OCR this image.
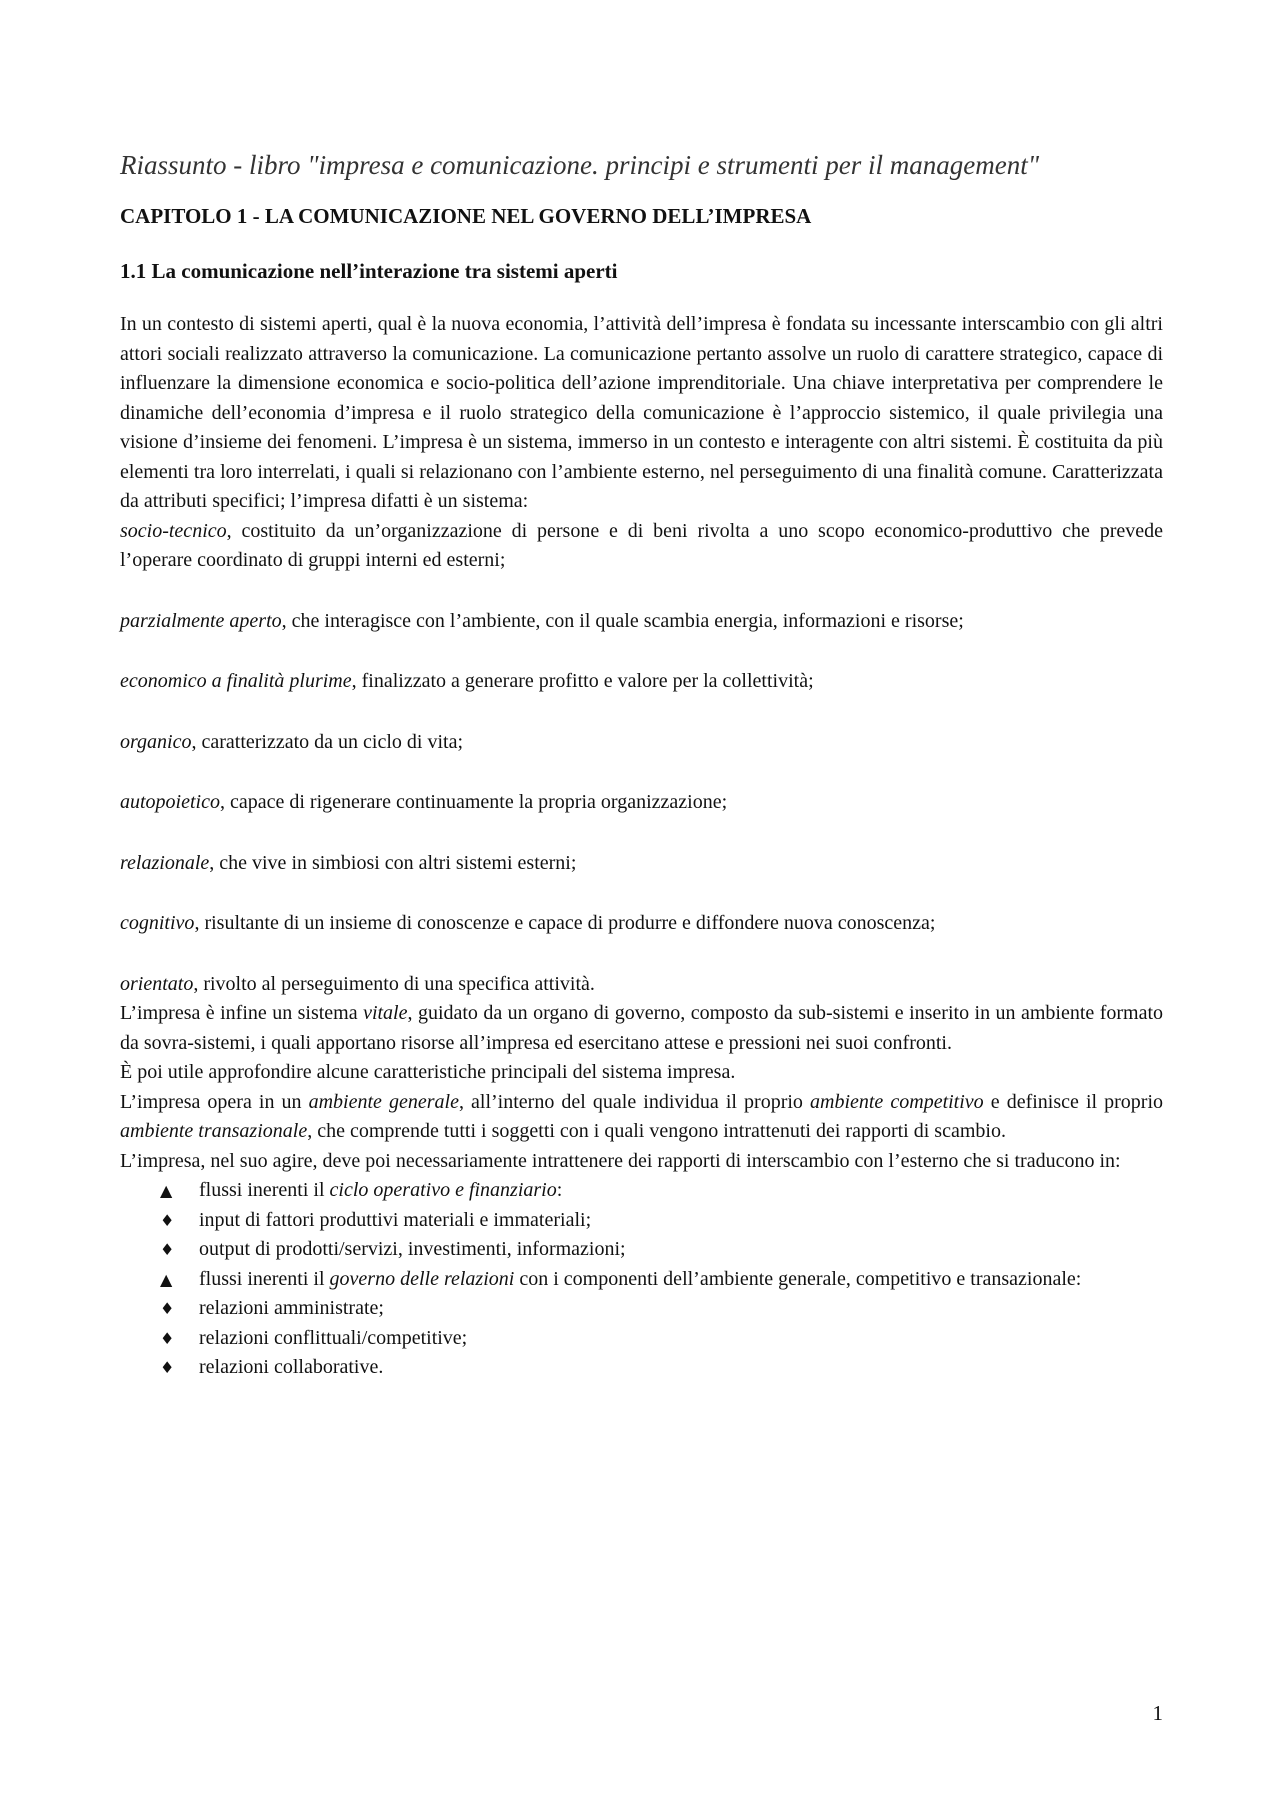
Riassunto - libro "impresa e comunicazione. principi e strumenti per il management"
CAPITOLO 1 - LA COMUNICAZIONE NEL GOVERNO DELL’IMPRESA
1.1 La comunicazione nell’interazione tra sistemi aperti

In un contesto di sistemi aperti, qual è la nuova economia, l’attività dell’impresa è fondata su incessante interscambio con gli altri attori sociali realizzato attraverso la comunicazione. La comunicazione pertanto assolve un ruolo di carattere strategico, capace di influenzare la dimensione economica e socio-politica dell’azione imprenditoriale. Una chiave interpretativa per comprendere le dinamiche dell’economia d’impresa e il ruolo strategico della comunicazione è l’approccio sistemico, il quale privilegia una visione d’insieme dei fenomeni. L’impresa è un sistema, immerso in un contesto e interagente con altri sistemi. È costituita da più elementi tra loro interrelati, i quali si relazionano con l’ambiente esterno, nel perseguimento di una finalità comune. Caratterizzata da attributi specifici; l’impresa difatti è un sistema:

socio-tecnico, costituito da un’organizzazione di persone e di beni rivolta a uno scopo economico-produttivo che prevede l’operare coordinato di gruppi interni ed esterni;

parzialmente aperto, che interagisce con l’ambiente, con il quale scambia energia, informazioni e risorse;

economico a finalità plurime, finalizzato a generare profitto e valore per la collettività;

organico, caratterizzato da un ciclo di vita;

autopoietico, capace di rigenerare continuamente la propria organizzazione;

relazionale, che vive in simbiosi con altri sistemi esterni;

cognitivo, risultante di un insieme di conoscenze e capace di produrre e diffondere nuova conoscenza;

orientato, rivolto al perseguimento di una specifica attività.

L’impresa è infine un sistema vitale, guidato da un organo di governo, composto da sub-sistemi e inserito in un ambiente formato da sovra-sistemi, i quali apportano risorse all’impresa ed esercitano attese e pressioni nei suoi confronti.

È poi utile approfondire alcune caratteristiche principali del sistema impresa.

L’impresa opera in un ambiente generale, all’interno del quale individua il proprio ambiente competitivo e definisce il proprio ambiente transazionale, che comprende tutti i soggetti con i quali vengono intrattenuti dei rapporti di scambio.

L’impresa, nel suo agire, deve poi necessariamente intrattenere dei rapporti di interscambio con l’esterno che si traducono in:

▲	flussi inerenti il ciclo operativo e finanziario:
♦	input di fattori produttivi materiali e immateriali;
♦	output di prodotti/servizi, investimenti, informazioni;
▲	flussi inerenti il governo delle relazioni con i componenti dell’ambiente generale, competitivo e transazionale:
♦	relazioni amministrate;
♦	relazioni conflittuali/competitive;
♦	relazioni collaborative.
1
